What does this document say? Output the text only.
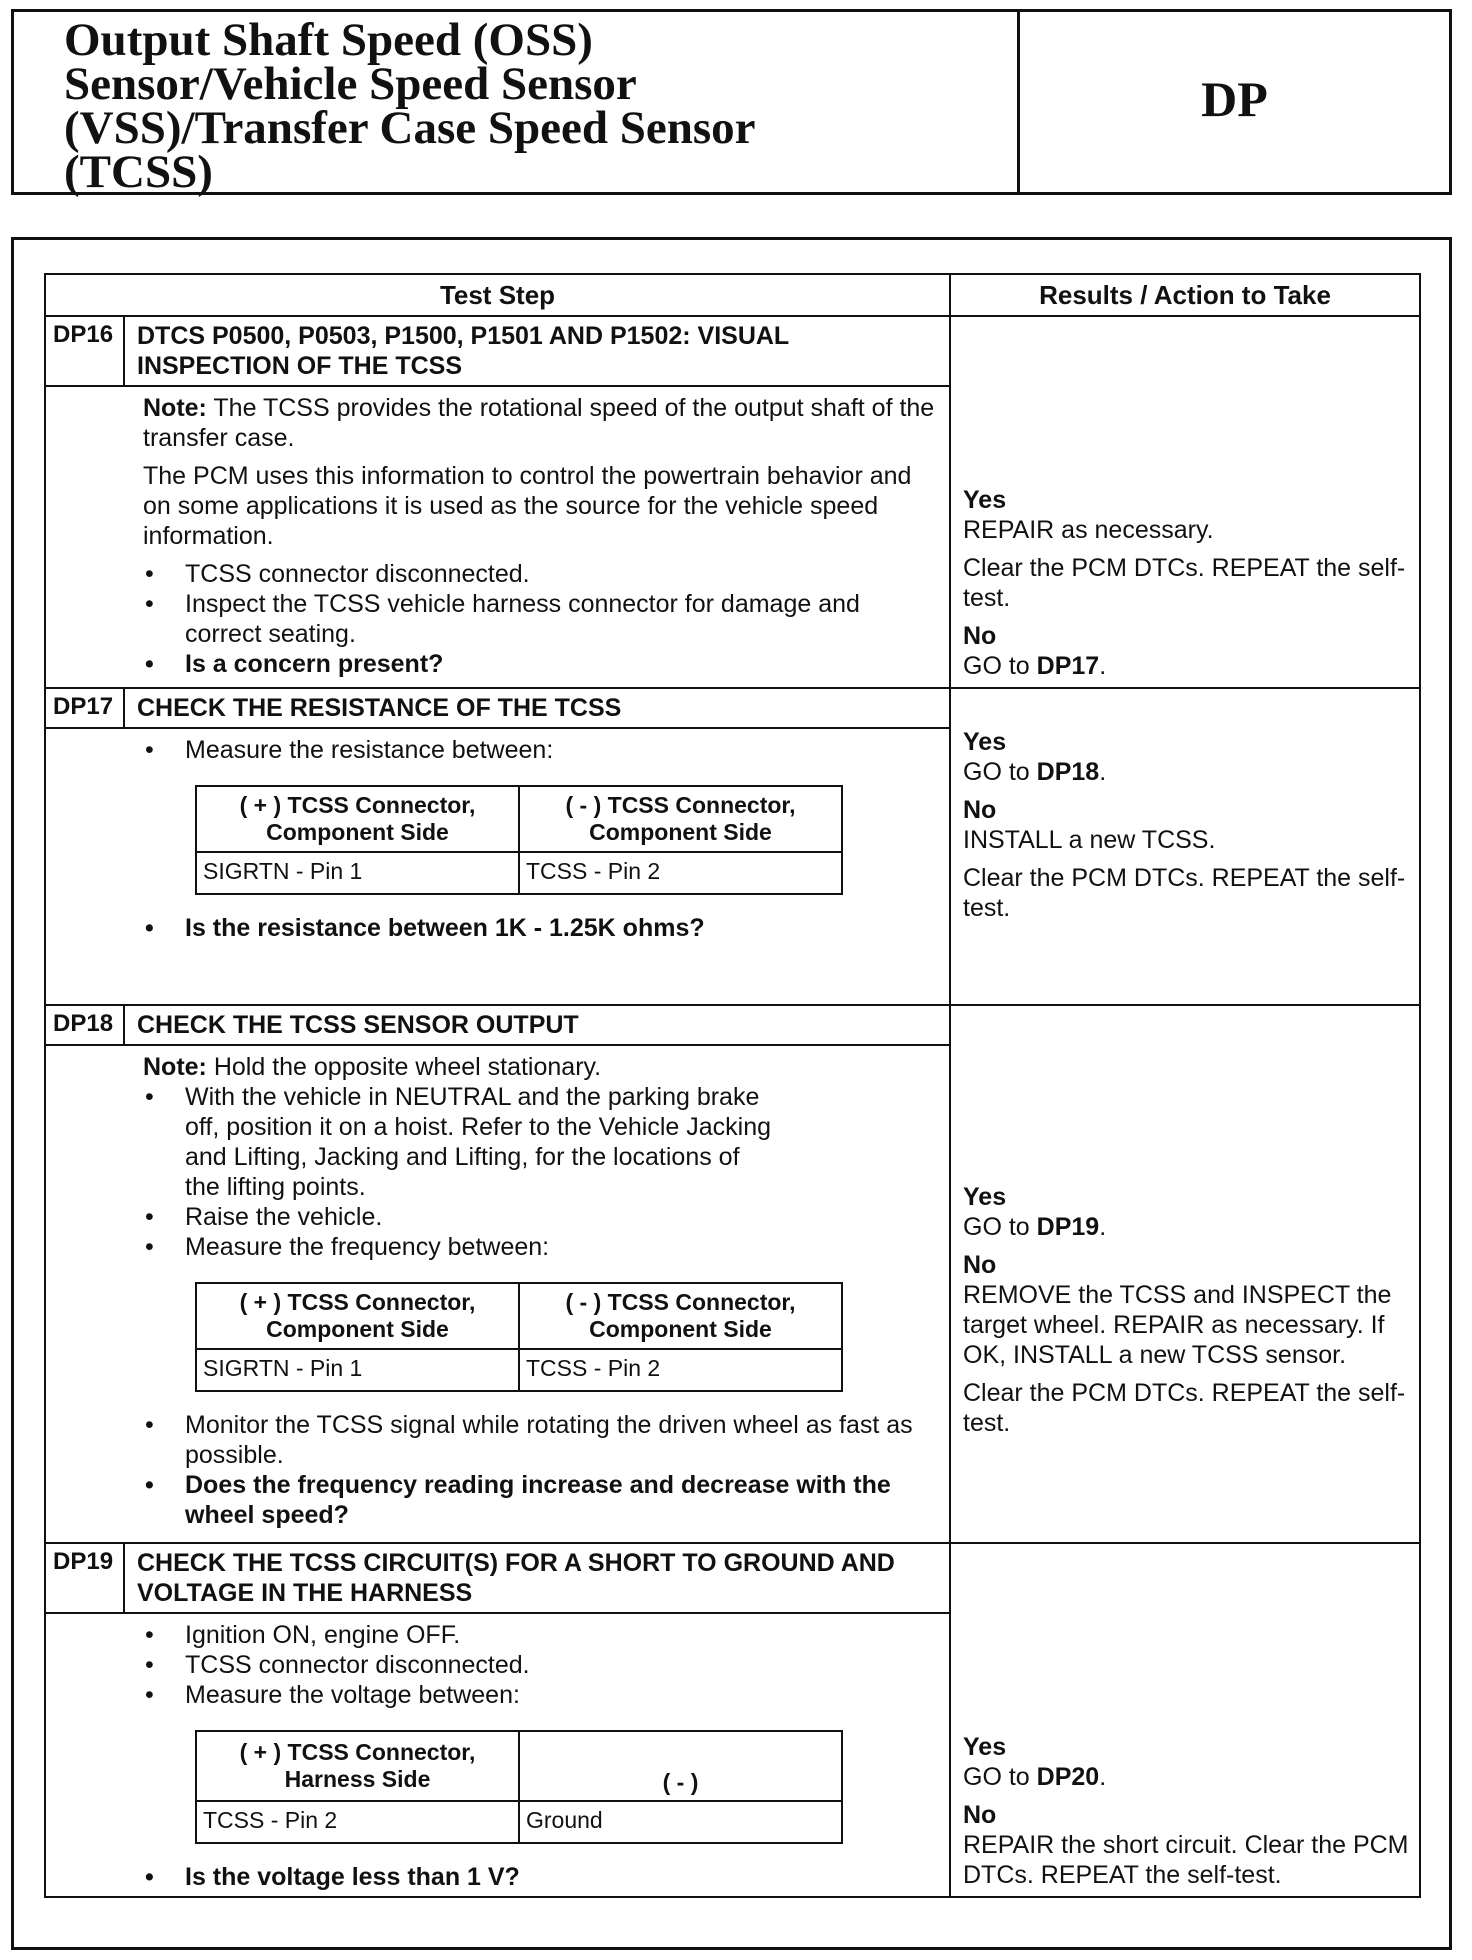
Output Shaft Speed (OSS)
Sensor/Vehicle Speed Sensor
(VSS)/Transfer Case Speed Sensor
(TCSS)
DP
Test Step	Results / Action to Take

DP16 DTCS P0500, P0503, P1500, P1501 AND P1502: VISUAL INSPECTION OF THE TCSS

Note: The TCSS provides the rotational speed of the output shaft of the transfer case.

The PCM uses this information to control the powertrain behavior and on some applications it is used as the source for the vehicle speed information.

• TCSS connector disconnected.
• Inspect the TCSS vehicle harness connector for damage and correct seating.
• Is a concern present?

Yes

REPAIR as necessary.

Clear the PCM DTCs. REPEAT the self-test.

No

GO to DP17.

DP17 CHECK THE RESISTANCE OF THE TCSS
• Measure the resistance between:
( + ) TCSS Connector, Component Side	( - ) TCSS Connector, Component Side
SIGRTN - Pin 1	TCSS - Pin 2
• Is the resistance between 1K - 1.25K ohms?

Yes

GO to DP18.

No

INSTALL a new TCSS.

Clear the PCM DTCs. REPEAT the self-test.

DP18 CHECK THE TCSS SENSOR OUTPUT

Note: Hold the opposite wheel stationary.

• With the vehicle in NEUTRAL and the parking brake off, position it on a hoist. Refer to the Vehicle Jacking and Lifting, Jacking and Lifting, for the locations of the lifting points.
• Raise the vehicle.
• Measure the frequency between:
( + ) TCSS Connector, Component Side	( - ) TCSS Connector, Component Side
SIGRTN - Pin 1	TCSS - Pin 2
• Monitor the TCSS signal while rotating the driven wheel as fast as possible.
• Does the frequency reading increase and decrease with the wheel speed?

Yes

GO to DP19.

No

REMOVE the TCSS and INSPECT the target wheel. REPAIR as necessary. If OK, INSTALL a new TCSS sensor.

Clear the PCM DTCs. REPEAT the self-test.

DP19 CHECK THE TCSS CIRCUIT(S) FOR A SHORT TO GROUND AND VOLTAGE IN THE HARNESS
• Ignition ON, engine OFF.
• TCSS connector disconnected.
• Measure the voltage between:
( + ) TCSS Connector, Harness Side	( - )
TCSS - Pin 2	Ground
• Is the voltage less than 1 V?

Yes

GO to DP20.

No

REPAIR the short circuit. Clear the PCM DTCs. REPEAT the self-test.
